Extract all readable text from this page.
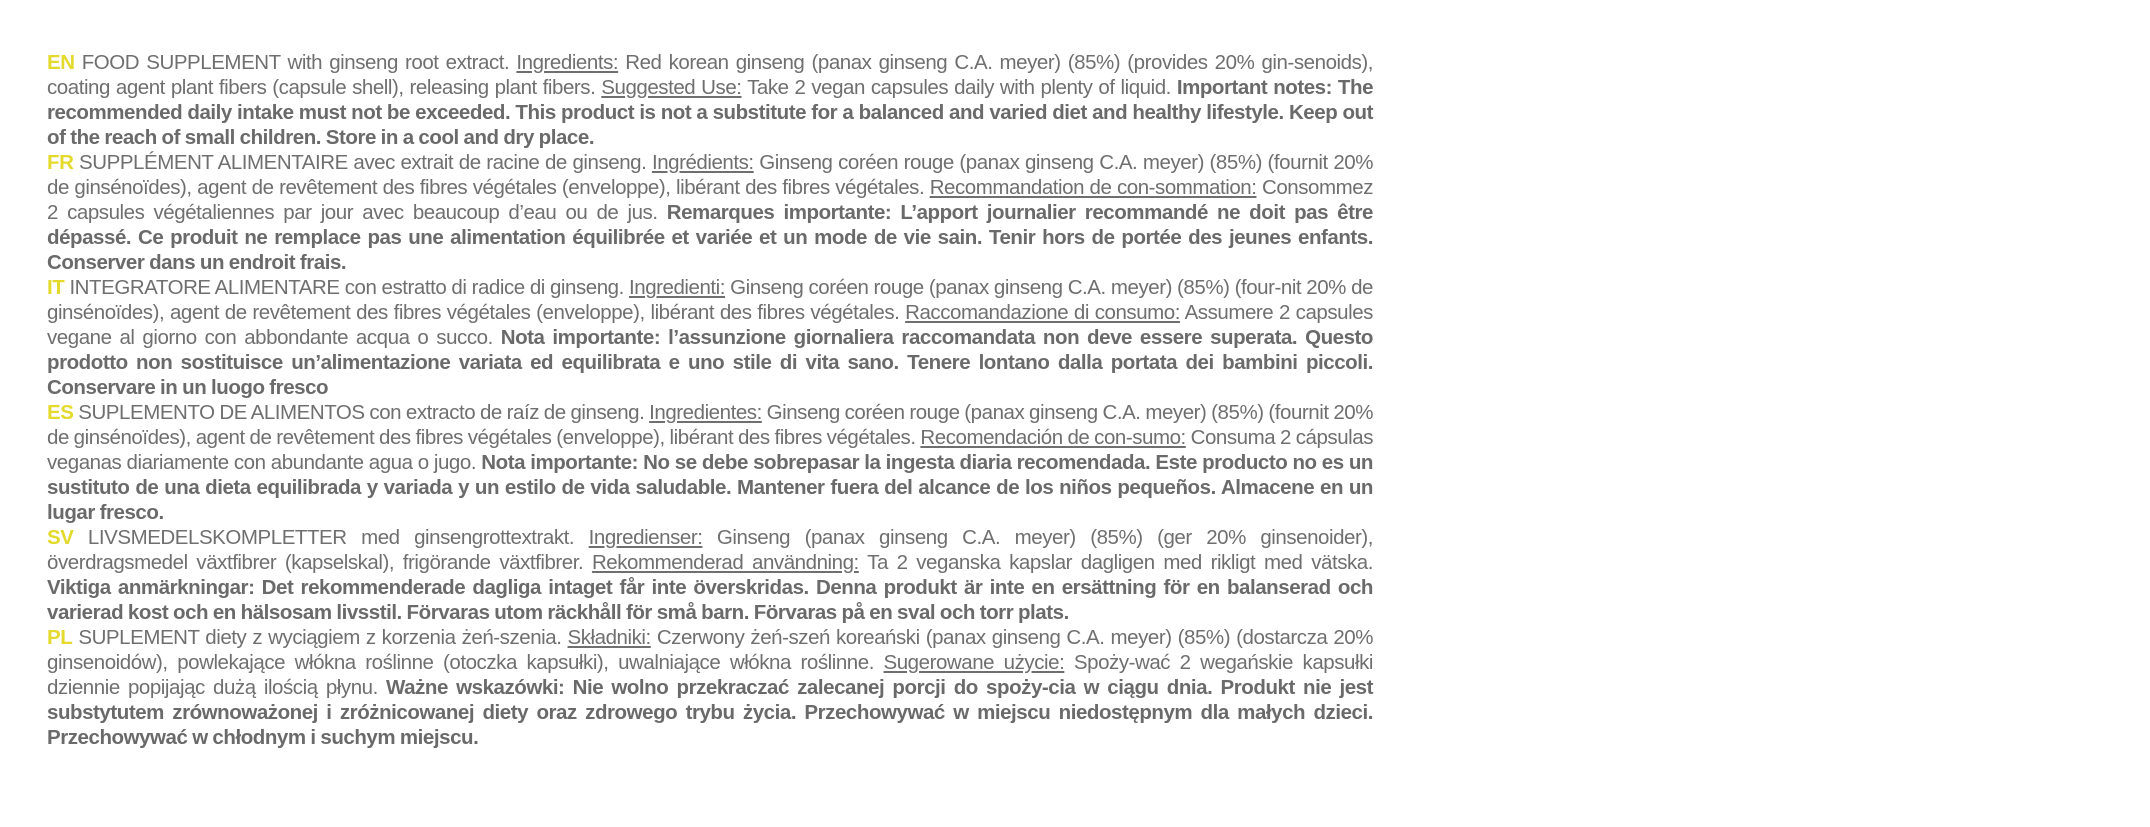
EN FOOD SUPPLEMENT with ginseng root extract. Ingredients: Red korean ginseng (panax ginseng C.A. meyer) (85%) (provides 20% gin-senoids), coating agent plant fibers (capsule shell), releasing plant fibers. Suggested Use: Take 2 vegan capsules daily with plenty of liquid. Important notes: The recommended daily intake must not be exceeded. This product is not a substitute for a balanced and varied diet and healthy lifestyle. Keep out of the reach of small children. Store in a cool and dry place.

FR SUPPLÉMENT ALIMENTAIRE avec extrait de racine de ginseng. Ingrédients: Ginseng coréen rouge (panax ginseng C.A. meyer) (85%) (fournit 20% de ginsénoïdes), agent de revêtement des fibres végétales (enveloppe), libérant des fibres végétales. Recommandation de con-sommation: Consommez 2 capsules végétaliennes par jour avec beaucoup d’eau ou de jus. Remarques importante: L’apport journalier recommandé ne doit pas être dépassé. Ce produit ne remplace pas une alimentation équilibrée et variée et un mode de vie sain. Tenir hors de portée des jeunes enfants. Conserver dans un endroit frais.

IT INTEGRATORE ALIMENTARE con estratto di radice di ginseng. Ingredienti: Ginseng coréen rouge (panax ginseng C.A. meyer) (85%) (four-nit 20% de ginsénoïdes), agent de revêtement des fibres végétales (enveloppe), libérant des fibres végétales. Raccomandazione di consumo: Assumere 2 capsules vegane al giorno con abbondante acqua o succo. Nota importante: l’assunzione giornaliera raccomandata non deve essere superata. Questo prodotto non sostituisce un’alimentazione variata ed equilibrata e uno stile di vita sano. Tenere lontano dalla portata dei bambini piccoli. Conservare in un luogo fresco

ES SUPLEMENTO DE ALIMENTOS con extracto de raíz de ginseng. Ingredientes: Ginseng coréen rouge (panax ginseng C.A. meyer) (85%) (fournit 20% de ginsénoïdes), agent de revêtement des fibres végétales (enveloppe), libérant des fibres végétales. Recomendación de con-sumo: Consuma 2 cápsulas veganas diariamente con abundante agua o jugo. Nota importante: No se debe sobrepasar la ingesta diaria recomendada. Este producto no es un sustituto de una dieta equilibrada y variada y un estilo de vida saludable. Mantener fuera del alcance de los niños pequeños. Almacene en un lugar fresco.

SV LIVSMEDELSKOMPLETTER med ginsengrottextrakt. Ingredienser: Ginseng (panax ginseng C.A. meyer) (85%) (ger 20% ginsenoider), överdragsmedel växtfibrer (kapselskal), frigörande växtfibrer. Rekommenderad användning: Ta 2 veganska kapslar dagligen med rikligt med vätska. Viktiga anmärkningar: Det rekommenderade dagliga intaget får inte överskridas. Denna produkt är inte en ersättning för en balanserad och varierad kost och en hälsosam livsstil. Förvaras utom räckhåll för små barn. Förvaras på en sval och torr plats.

PL SUPLEMENT diety z wyciągiem z korzenia żeń-szenia. Składniki: Czerwony żeń-szeń koreański (panax ginseng C.A. meyer) (85%) (dostarcza 20% ginsenoidów), powlekające włókna roślinne (otoczka kapsułki), uwalniające włókna roślinne. Sugerowane użycie: Spoży-wać 2 wegańskie kapsułki dziennie popijając dużą ilością płynu. Ważne wskazówki: Nie wolno przekraczać zalecanej porcji do spoży-cia w ciągu dnia. Produkt nie jest substytutem zrównoważonej i zróżnicowanej diety oraz zdrowego trybu życia. Przechowywać w miejscu niedostępnym dla małych dzieci. Przechowywać w chłodnym i suchym miejscu.
